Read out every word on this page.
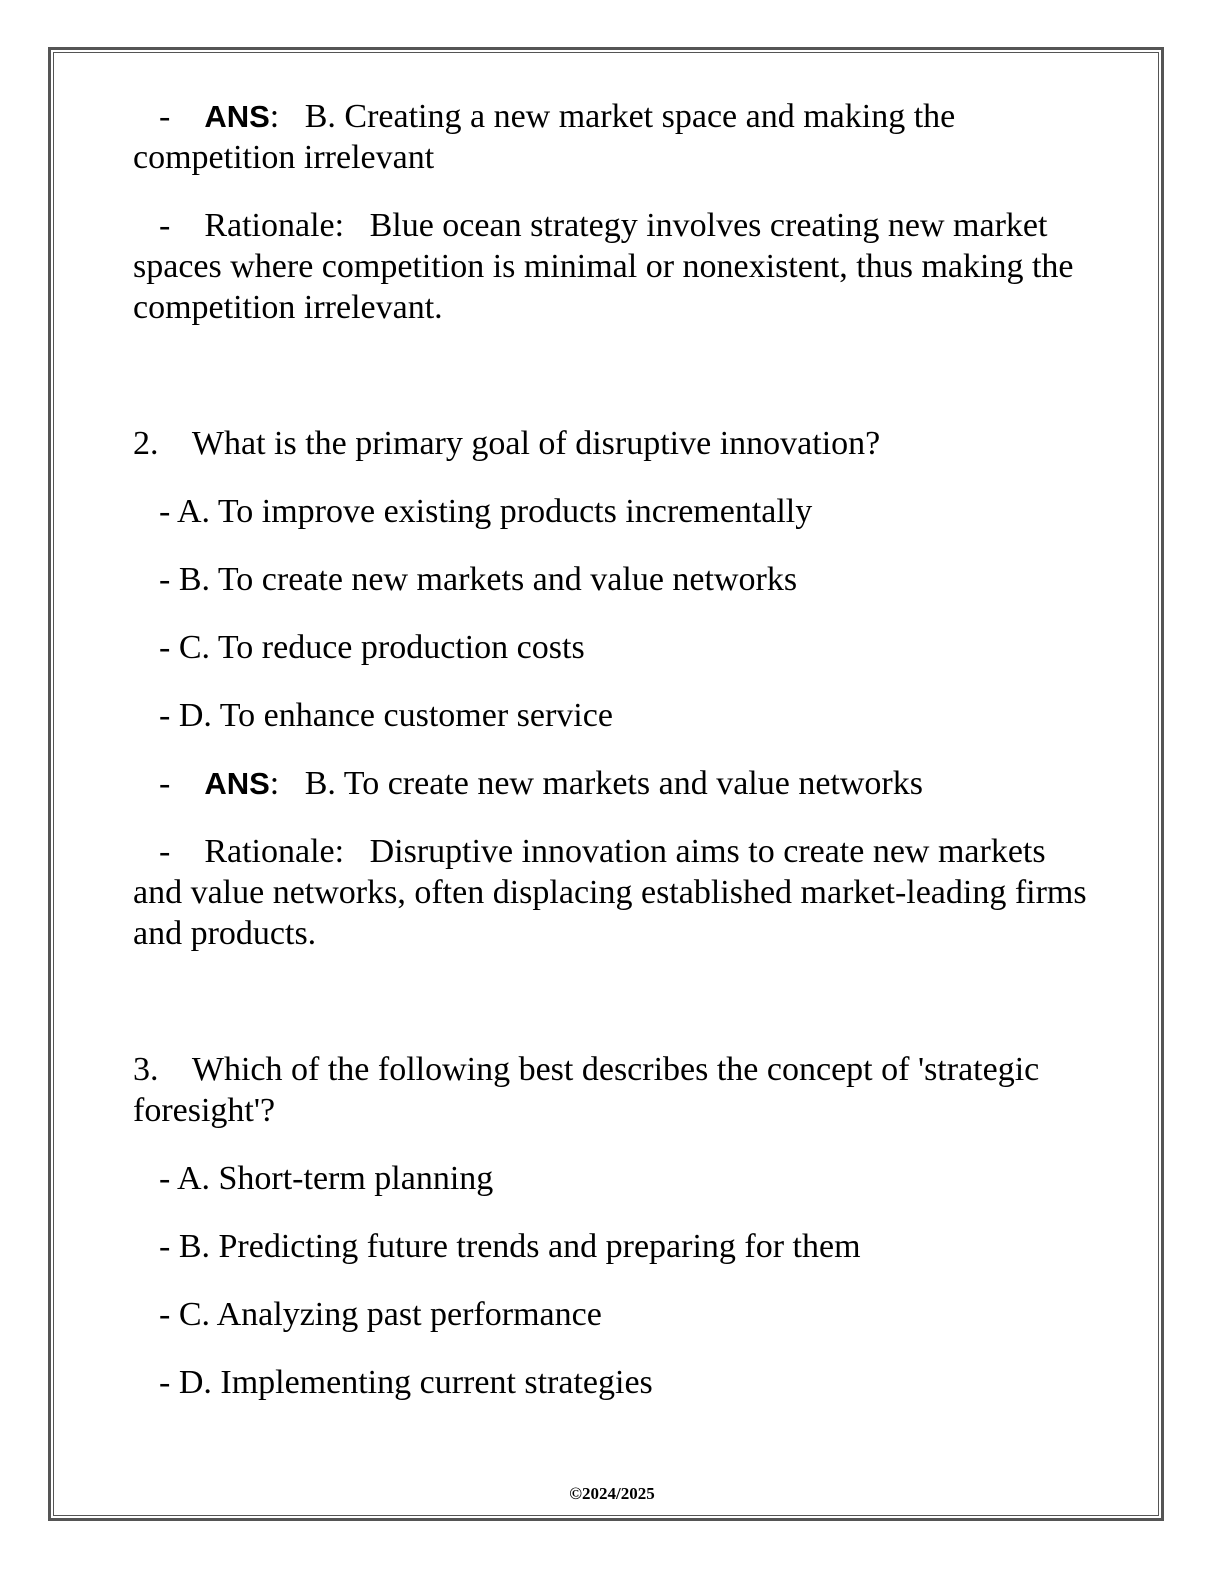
- ANS: B. Creating a new market space and making the competition irrelevant

- Rationale: Blue ocean strategy involves creating new market spaces where competition is minimal or nonexistent, thus making the competition irrelevant.

2. What is the primary goal of disruptive innovation?

- A. To improve existing products incrementally

- B. To create new markets and value networks

- C. To reduce production costs

- D. To enhance customer service

- ANS: B. To create new markets and value networks

- Rationale: Disruptive innovation aims to create new markets and value networks, often displacing established market-leading firms and products.

3. Which of the following best describes the concept of 'strategic foresight'?

- A. Short-term planning

- B. Predicting future trends and preparing for them

- C. Analyzing past performance

- D. Implementing current strategies

©2024/2025
